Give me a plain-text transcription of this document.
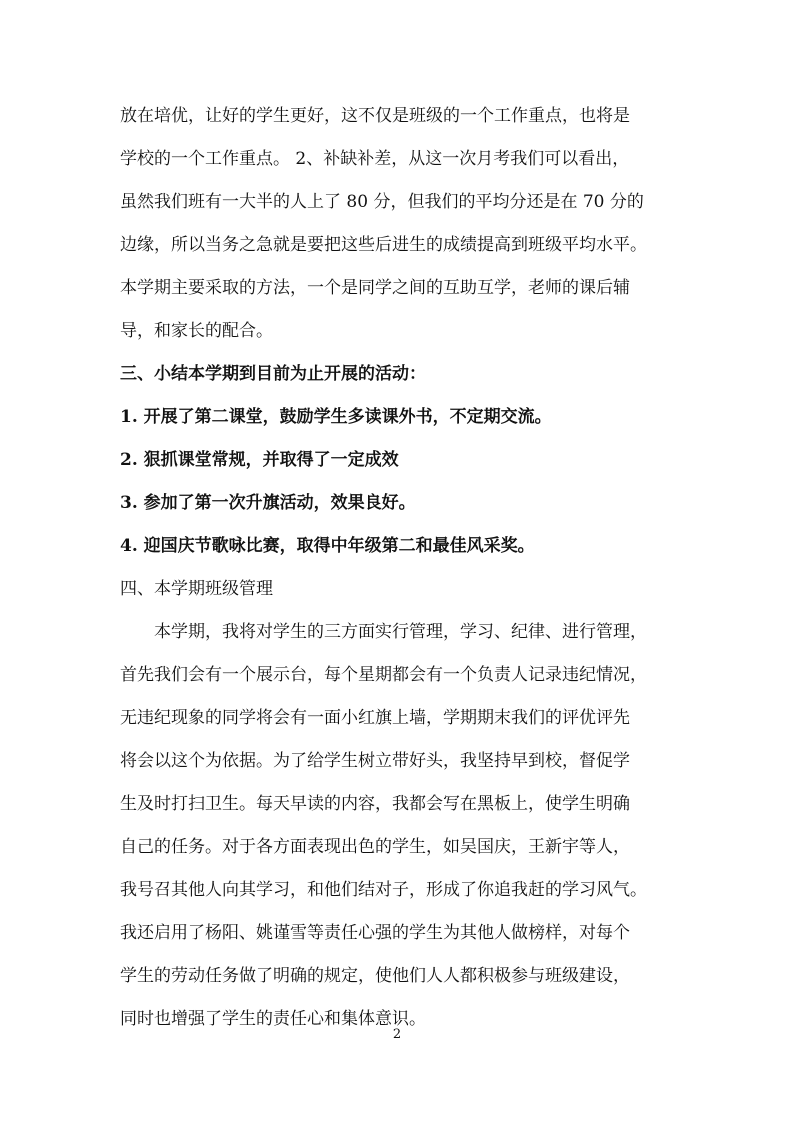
放在培优，让好的学生更好，这不仅是班级的一个工作重点，也将是
学校的一个工作重点。 2、补缺补差，从这一次月考我们可以看出，
虽然我们班有一大半的人上了 80 分，但我们的平均分还是在 70 分的
边缘，所以当务之急就是要把这些后进生的成绩提高到班级平均水平。
本学期主要采取的方法，一个是同学之间的互助互学，老师的课后辅
导，和家长的配合。
三、小结本学期到目前为止开展的活动：
1. 开展了第二课堂，鼓励学生多读课外书，不定期交流。
2. 狠抓课堂常规，并取得了一定成效
3. 参加了第一次升旗活动，效果良好。
4. 迎国庆节歌咏比赛，取得中年级第二和最佳风采奖。
四、本学期班级管理
本学期，我将对学生的三方面实行管理，学习、纪律、进行管理，
首先我们会有一个展示台，每个星期都会有一个负责人记录违纪情况，
无违纪现象的同学将会有一面小红旗上墙，学期期末我们的评优评先
将会以这个为依据。为了给学生树立带好头，我坚持早到校，督促学
生及时打扫卫生。每天早读的内容，我都会写在黑板上，使学生明确
自己的任务。对于各方面表现出色的学生，如吴国庆，王新宇等人，
我号召其他人向其学习，和他们结对子，形成了你追我赶的学习风气。
我还启用了杨阳、姚谨雪等责任心强的学生为其他人做榜样，对每个
学生的劳动任务做了明确的规定，使他们人人都积极参与班级建设，
同时也增强了学生的责任心和集体意识。
2
